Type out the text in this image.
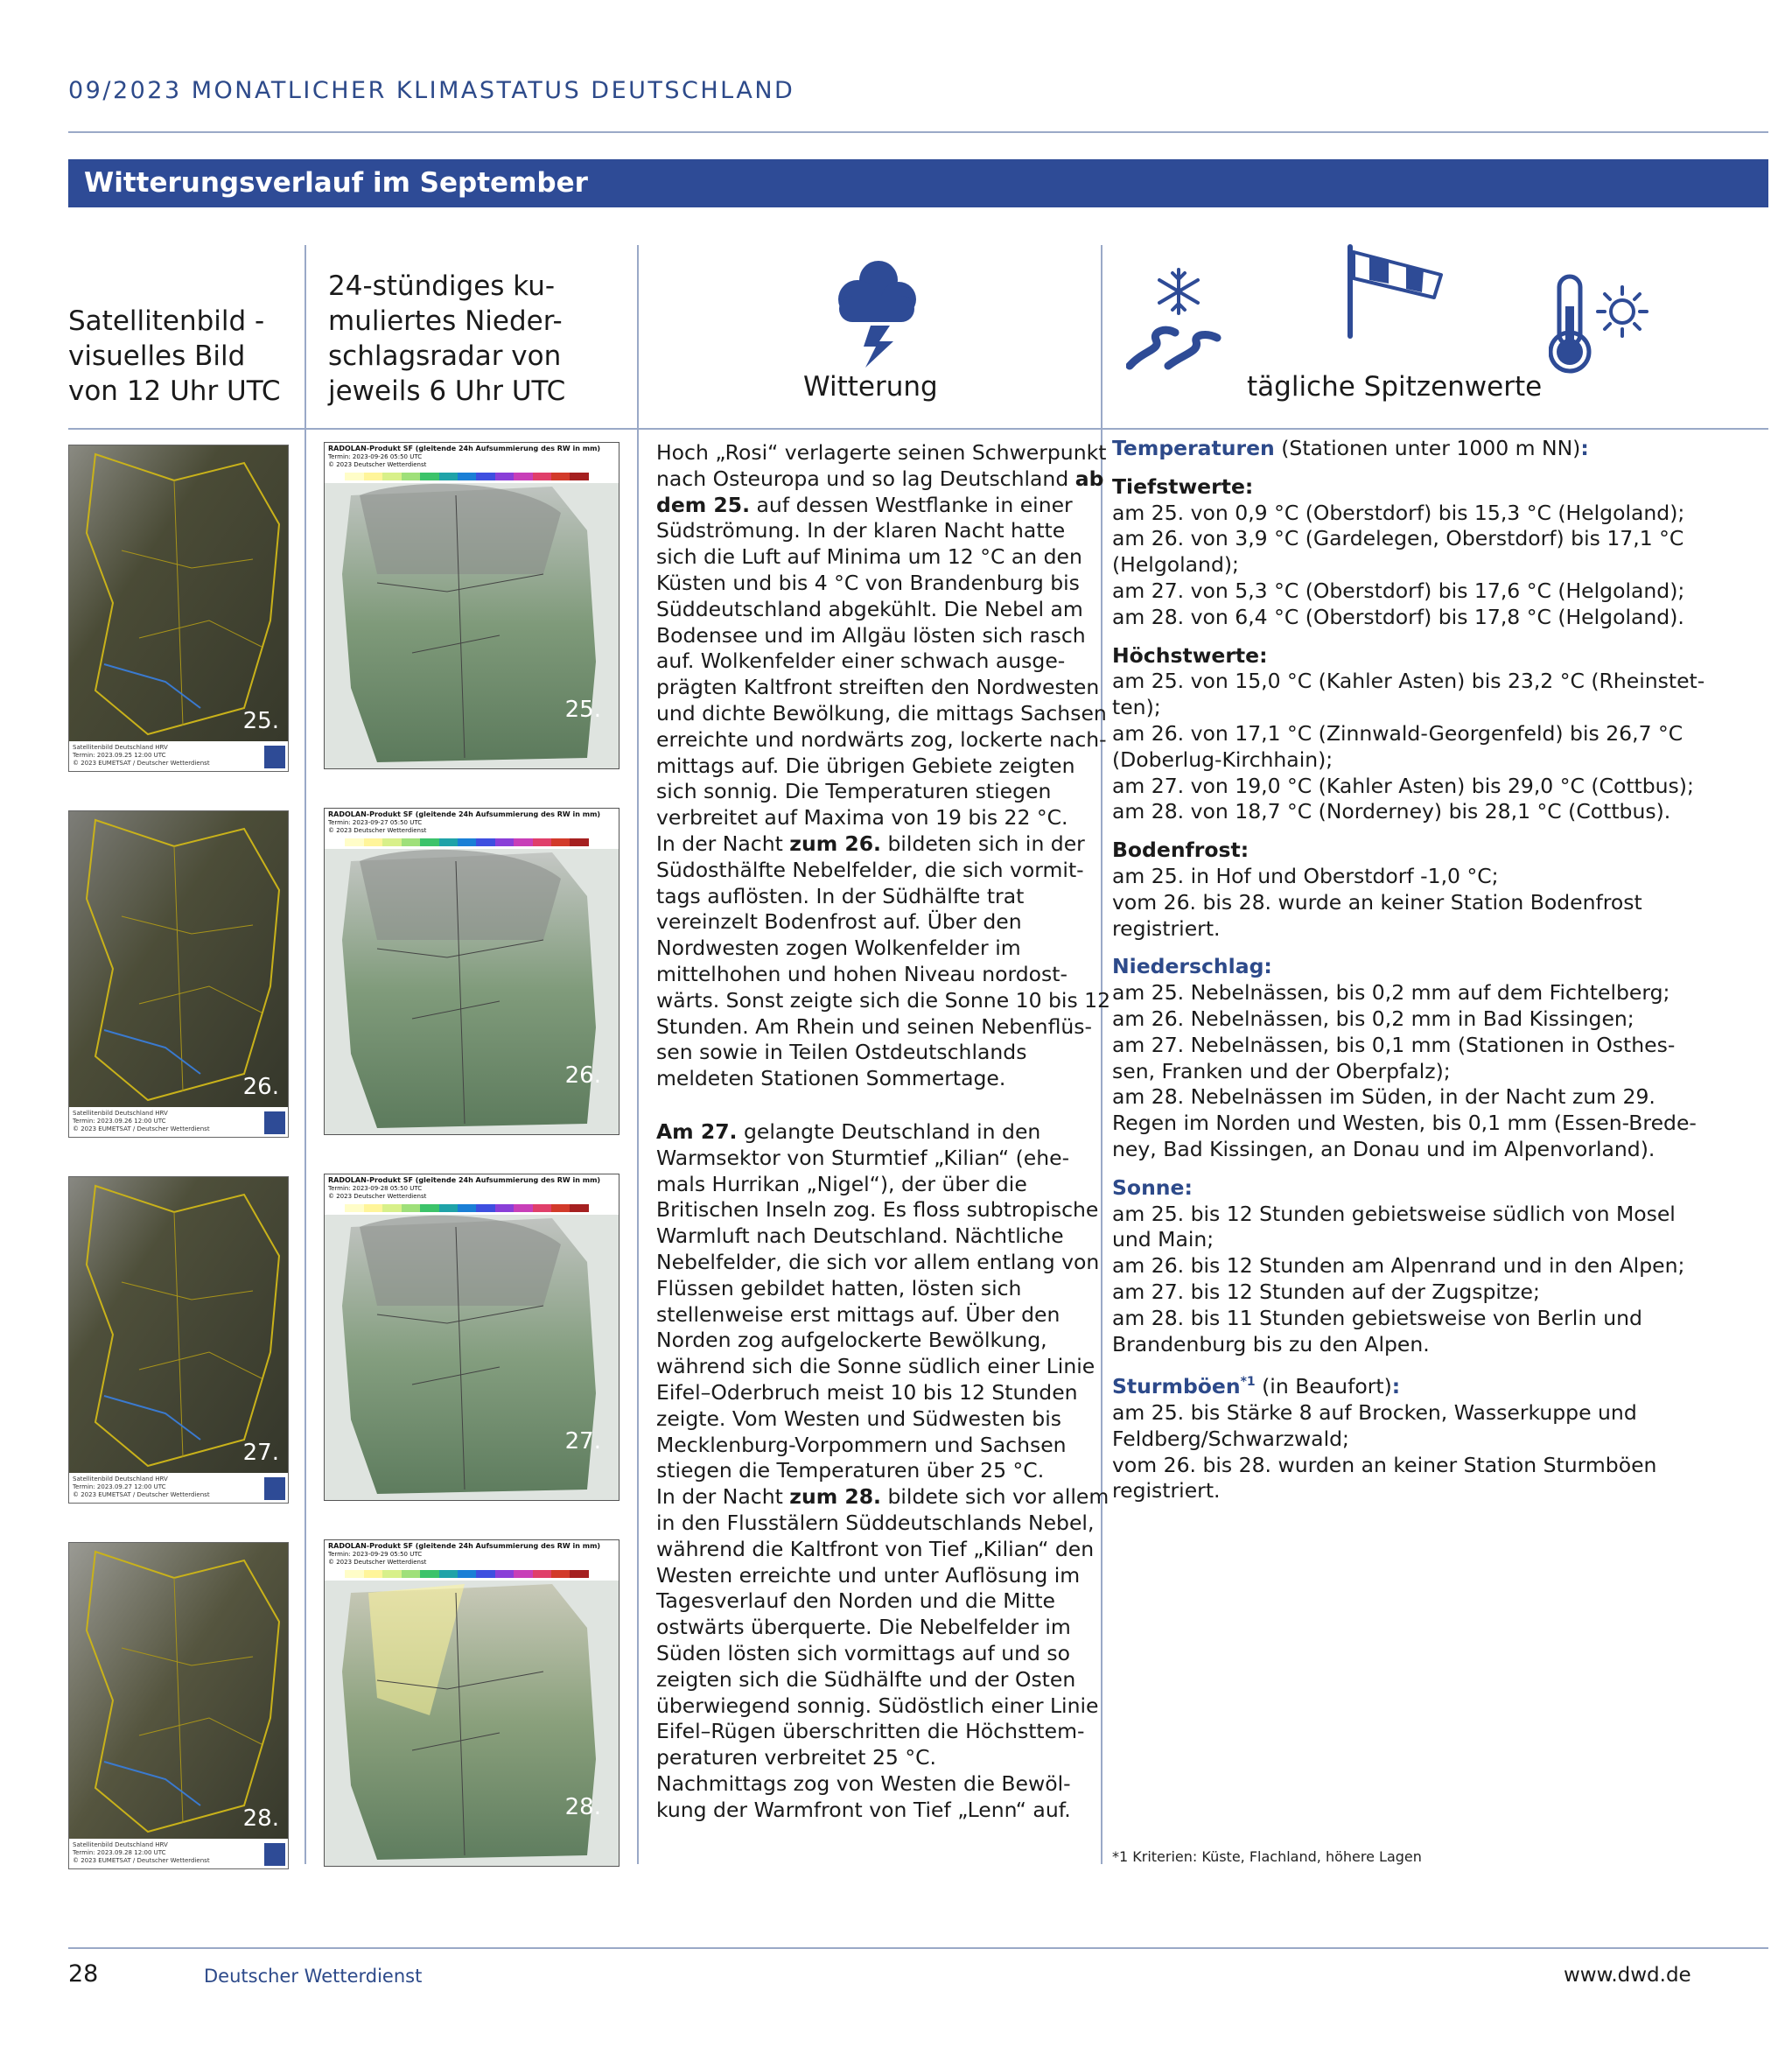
09/2023 MONATLICHER KLIMASTATUS DEUTSCHLAND
Witterungsverlauf im September
Satellitenbild -
visuelles Bild
von 12 Uhr UTC
24-stündiges ku-
muliertes Nieder-
schlagsradar von
jeweils 6 Uhr UTC	Witterung	tägliche Spitzenwerte
25.
Satellitenbild Deutschland HRV
Termin: 2023.09.25 12:00 UTC
© 2023 EUMETSAT / Deutscher Wetterdienst
26.
Satellitenbild Deutschland HRV
Termin: 2023.09.26 12:00 UTC
© 2023 EUMETSAT / Deutscher Wetterdienst
27.
Satellitenbild Deutschland HRV
Termin: 2023.09.27 12:00 UTC
© 2023 EUMETSAT / Deutscher Wetterdienst
28.
Satellitenbild Deutschland HRV
Termin: 2023.09.28 12:00 UTC
© 2023 EUMETSAT / Deutscher Wetterdienst
RADOLAN-Produkt SF (gleitende 24h Aufsummierung des RW in mm)
Termin: 2023-09-26 05:50 UTC
© 2023 Deutscher Wetterdienst
25.
RADOLAN-Produkt SF (gleitende 24h Aufsummierung des RW in mm)
Termin: 2023-09-27 05:50 UTC
© 2023 Deutscher Wetterdienst
26.
RADOLAN-Produkt SF (gleitende 24h Aufsummierung des RW in mm)
Termin: 2023-09-28 05:50 UTC
© 2023 Deutscher Wetterdienst
27.
RADOLAN-Produkt SF (gleitende 24h Aufsummierung des RW in mm)
Termin: 2023-09-29 05:50 UTC
© 2023 Deutscher Wetterdienst
28.
Hoch „Rosi“ verlagerte seinen Schwerpunkt
nach Osteuropa und so lag Deutschland ab
dem 25. auf dessen Westflanke in einer
Südströmung. In der klaren Nacht hatte
sich die Luft auf Minima um 12 °C an den
Küsten und bis 4 °C von Brandenburg bis
Süddeutschland abgekühlt. Die Nebel am
Bodensee und im Allgäu lösten sich rasch
auf. Wolkenfelder einer schwach ausge-
prägten Kaltfront streiften den Nordwesten
und dichte Bewölkung, die mittags Sachsen
erreichte und nordwärts zog, lockerte nach-
mittags auf. Die übrigen Gebiete zeigten
sich sonnig. Die Temperaturen stiegen
verbreitet auf Maxima von 19 bis 22 °C.
In der Nacht zum 26. bildeten sich in der
Südosthälfte Nebelfelder, die sich vormit-
tags auflösten. In der Südhälfte trat
vereinzelt Bodenfrost auf. Über den
Nordwesten zogen Wolkenfelder im
mittelhohen und hohen Niveau nordost-
wärts. Sonst zeigte sich die Sonne 10 bis 12
Stunden. Am Rhein und seinen Nebenflüs-
sen sowie in Teilen Ostdeutschlands
meldeten Stationen Sommertage.
Am 27. gelangte Deutschland in den
Warmsektor von Sturmtief „Kilian“ (ehe-
mals Hurrikan „Nigel“), der über die
Britischen Inseln zog. Es floss subtropische
Warmluft nach Deutschland. Nächtliche
Nebelfelder, die sich vor allem entlang von
Flüssen gebildet hatten, lösten sich
stellenweise erst mittags auf. Über den
Norden zog aufgelockerte Bewölkung,
während sich die Sonne südlich einer Linie
Eifel–Oderbruch meist 10 bis 12 Stunden
zeigte. Vom Westen und Südwesten bis
Mecklenburg-Vorpommern und Sachsen
stiegen die Temperaturen über 25 °C.
In der Nacht zum 28. bildete sich vor allem
in den Flusstälern Süddeutschlands Nebel,
während die Kaltfront von Tief „Kilian“ den
Westen erreichte und unter Auflösung im
Tagesverlauf den Norden und die Mitte
ostwärts überquerte. Die Nebelfelder im
Süden lösten sich vormittags auf und so
zeigten sich die Südhälfte und der Osten
überwiegend sonnig. Südöstlich einer Linie
Eifel–Rügen überschritten die Höchsttem-
peraturen verbreitet 25 °C.
Nachmittags zog von Westen die Bewöl-
kung der Warmfront von Tief „Lenn“ auf.
Temperaturen (Stationen unter 1000 m NN):
Tiefstwerte:
am 25. von 0,9 °C (Oberstdorf) bis 15,3 °C (Helgoland);
am 26. von 3,9 °C (Gardelegen, Oberstdorf) bis 17,1 °C
(Helgoland);
am 27. von 5,3 °C (Oberstdorf) bis 17,6 °C (Helgoland);
am 28. von 6,4 °C (Oberstdorf) bis 17,8 °C (Helgoland).
Höchstwerte:
am 25. von 15,0 °C (Kahler Asten) bis 23,2 °C (Rheinstet-
ten);
am 26. von 17,1 °C (Zinnwald-Georgenfeld) bis 26,7 °C
(Doberlug-Kirchhain);
am 27. von 19,0 °C (Kahler Asten) bis 29,0 °C (Cottbus);
am 28. von 18,7 °C (Norderney) bis 28,1 °C (Cottbus).
Bodenfrost:
am 25. in Hof und Oberstdorf -1,0 °C;
vom 26. bis 28. wurde an keiner Station Bodenfrost
registriert.
Niederschlag:
am 25. Nebelnässen, bis 0,2 mm auf dem Fichtelberg;
am 26. Nebelnässen, bis 0,2 mm in Bad Kissingen;
am 27. Nebelnässen, bis 0,1 mm (Stationen in Osthes-
sen, Franken und der Oberpfalz);
am 28. Nebelnässen im Süden, in der Nacht zum 29.
Regen im Norden und Westen, bis 0,1 mm (Essen-Brede-
ney, Bad Kissingen, an Donau und im Alpenvorland).
Sonne:
am 25. bis 12 Stunden gebietsweise südlich von Mosel
und Main;
am 26. bis 12 Stunden am Alpenrand und in den Alpen;
am 27. bis 12 Stunden auf der Zugspitze;
am 28. bis 11 Stunden gebietsweise von Berlin und
Brandenburg bis zu den Alpen.
Sturmböen$^{*1}$ (in Beaufort):
am 25. bis Stärke 8 auf Brocken, Wasserkuppe und
Feldberg/Schwarzwald;
vom 26. bis 28. wurden an keiner Station Sturmböen
registriert.
*1 Kriterien: Küste, Flachland, höhere Lagen
28	Deutscher Wetterdienst	www.dwd.de
